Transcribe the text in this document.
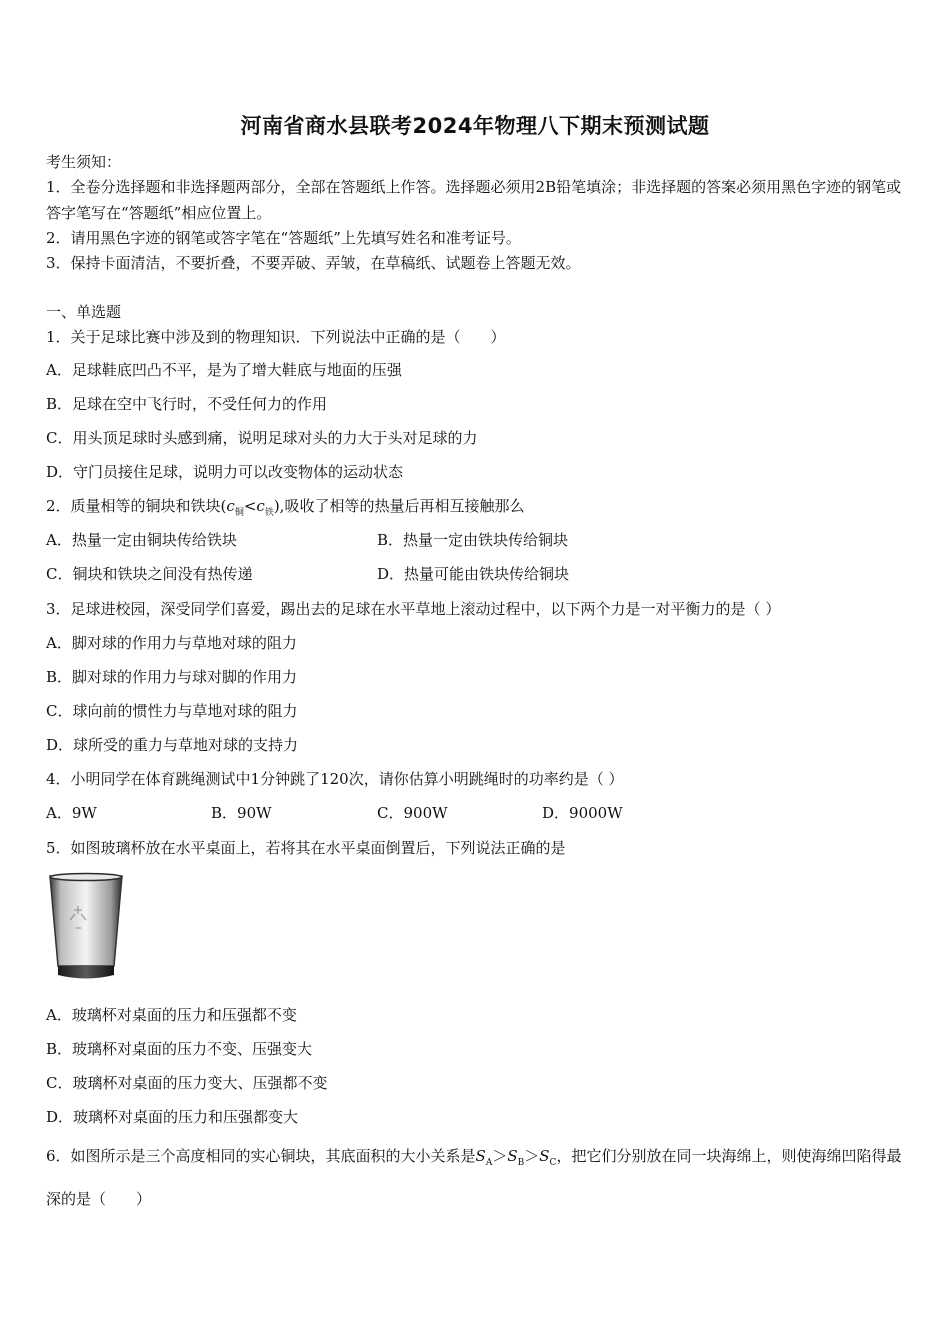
河南省商水县联考2024年物理八下期末预测试题
考生须知：
1．全卷分选择题和非选择题两部分，全部在答题纸上作答。选择题必须用2B铅笔填涂；非选择题的答案必须用黑色字迹的钢笔或答字笔写在“答题纸”相应位置上。
2．请用黑色字迹的钢笔或答字笔在“答题纸”上先填写姓名和准考证号。
3．保持卡面清洁，不要折叠，不要弄破、弄皱，在草稿纸、试题卷上答题无效。
一、单选题
1．关于足球比赛中涉及到的物理知识．下列说法中正确的是（　　）
A．足球鞋底凹凸不平，是为了增大鞋底与地面的压强
B．足球在空中飞行时，不受任何力的作用
C．用头顶足球时头感到痛，说明足球对头的力大于头对足球的力
D．守门员接住足球，说明力可以改变物体的运动状态
2．质量相等的铜块和铁块$(c_铜<c_铁)$,吸收了相等的热量后再相互接触那么
A．热量一定由铜块传给铁块	B．热量一定由铁块传给铜块
C．铜块和铁块之间没有热传递	D．热量可能由铁块传给铜块
3．足球进校园，深受同学们喜爱，踢出去的足球在水平草地上滚动过程中，以下两个力是一对平衡力的是（ ）
A．脚对球的作用力与草地对球的阻力
B．脚对球的作用力与球对脚的作用力
C．球向前的惯性力与草地对球的阻力
D．球所受的重力与草地对球的支持力
4．小明同学在体育跳绳测试中1分钟跳了120次，请你估算小明跳绳时的功率约是（ ）
A．9W	B．90W	C．900W	D．9000W
5．如图玻璃杯放在水平桌面上，若将其在水平桌面倒置后，下列说法正确的是
A．玻璃杯对桌面的压力和压强都不变
B．玻璃杯对桌面的压力不变、压强变大
C．玻璃杯对桌面的压力变大、压强都不变
D．玻璃杯对桌面的压力和压强都变大
6．如图所示是三个高度相同的实心铜块，其底面积的大小关系是$S_A>S_B>S_C$，把它们分别放在同一块海绵上，则使海绵凹陷得最深的是（　　）
